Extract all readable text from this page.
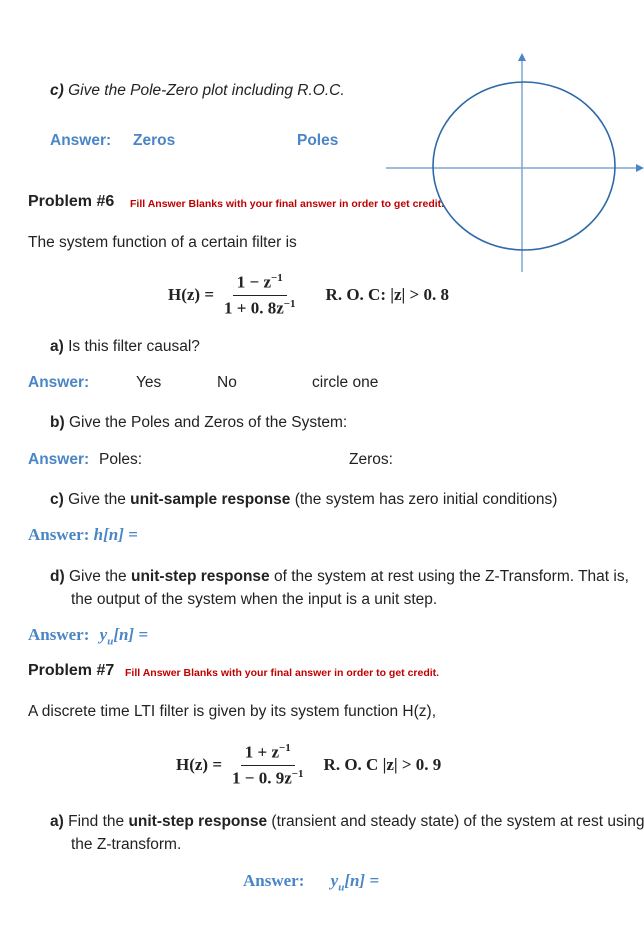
c) Give the Pole-Zero plot including R.O.C.
Answer: Zeros	Poles
Problem #6 Fill Answer Blanks with your final answer in order to get credit.
The system function of a certain filter is
$H(z) = \frac{1 - z^{-1}}{1 + 0. 8z^{-1}} R$. O. C: |z| > 0. 8
a) Is this filter causal?
Answer:	Yes	No	circle one
b) Give the Poles and Zeros of the System:
Answer: Poles:	Zeros:
c) Give the unit-sample response (the system has zero initial conditions)
Answer: h[n] =
d) Give the unit-step response of the system at rest using the Z-Transform. That is,
the output of the system when the input is a unit step.
Answer: $y_u[n]$ =
Problem #7 Fill Answer Blanks with your final answer in order to get credit.
A discrete time LTI filter is given by its system function H(z),
$H(z) = \frac{1 + z^{-1}}{1 - 0. 9z^{-1}} R$. O. C |z| > 0. 9
a) Find the unit-step response (transient and steady state) of the system at rest using
the Z-transform.
Answer: $y_u[n]$ =
